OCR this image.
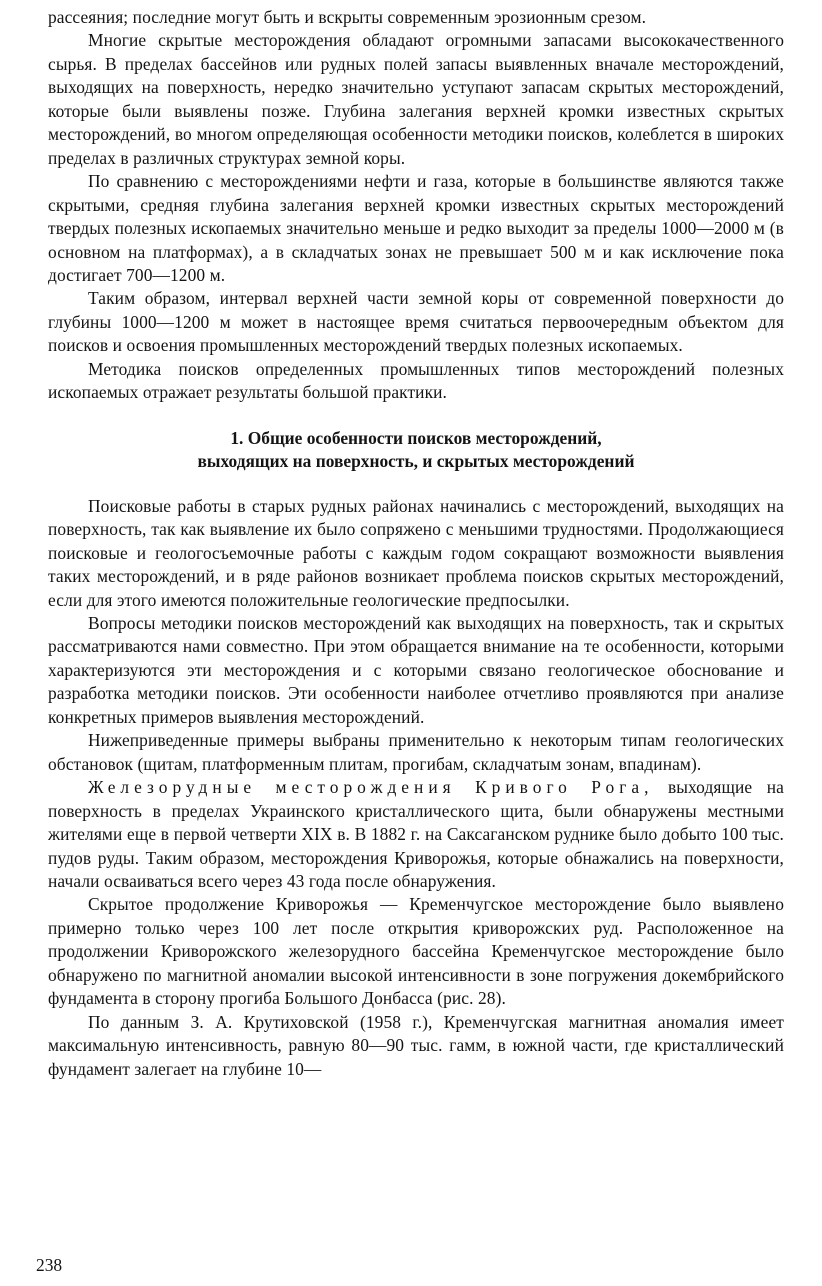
рассеяния; последние могут быть и вскрыты современным эрозионным срезом.

Многие скрытые месторождения обладают огромными запасами высококачественного сырья. В пределах бассейнов или рудных полей запасы выявленных вначале месторождений, выходящих на поверхность, нередко значительно уступают запасам скрытых месторождений, которые были выявлены позже. Глубина залегания верхней кромки известных скрытых месторождений, во многом определяющая особенности методики поисков, колеблется в широких пределах в различных структурах земной коры.

По сравнению с месторождениями нефти и газа, которые в большинстве являются также скрытыми, средняя глубина залегания верхней кромки известных скрытых месторождений твердых полезных ископаемых значительно меньше и редко выходит за пределы 1000—2000 м (в основном на платформах), а в складчатых зонах не превышает 500 м и как исключение пока достигает 700—1200 м.

Таким образом, интервал верхней части земной коры от современной поверхности до глубины 1000—1200 м может в настоящее время считаться первоочередным объектом для поисков и освоения промышленных месторождений твердых полезных ископаемых.

Методика поисков определенных промышленных типов месторождений полезных ископаемых отражает результаты большой практики.

1. Общие особенности поисков месторождений,

выходящих на поверхность, и скрытых месторождений

Поисковые работы в старых рудных районах начинались с месторождений, выходящих на поверхность, так как выявление их было сопряжено с меньшими трудностями. Продолжающиеся поисковые и геологосъемочные работы с каждым годом сокращают возможности выявления таких месторождений, и в ряде районов возникает проблема поисков скрытых месторождений, если для этого имеются положительные геологические предпосылки.

Вопросы методики поисков месторождений как выходящих на поверхность, так и скрытых рассматриваются нами совместно. При этом обращается внимание на те особенности, которыми характеризуются эти месторождения и с которыми связано геологическое обоснование и разработка методики поисков. Эти особенности наиболее отчетливо проявляются при анализе конкретных примеров выявления месторождений.

Нижеприведенные примеры выбраны применительно к некоторым типам геологических обстановок (щитам, платформенным плитам, прогибам, складчатым зонам, впадинам).

Железорудные месторождения Кривого Рога, выходящие на поверхность в пределах Украинского кристаллического щита, были обнаружены местными жителями еще в первой четверти XIX в. В 1882 г. на Саксаганском руднике было добыто 100 тыс. пудов руды. Таким образом, месторождения Криворожья, которые обнажались на поверхности, начали осваиваться всего через 43 года после обнаружения.

Скрытое продолжение Криворожья — Кременчугское месторождение было выявлено примерно только через 100 лет после открытия криворожских руд. Расположенное на продолжении Криворожского железорудного бассейна Кременчугское месторождение было обнаружено по магнитной аномалии высокой интенсивности в зоне погружения докембрийского фундамента в сторону прогиба Большого Донбасса (рис. 28).

По данным З. А. Крутиховской (1958 г.), Кременчугская магнитная аномалия имеет максимальную интенсивность, равную 80—90 тыс. гамм, в южной части, где кристаллический фундамент залегает на глубине 10—

238
